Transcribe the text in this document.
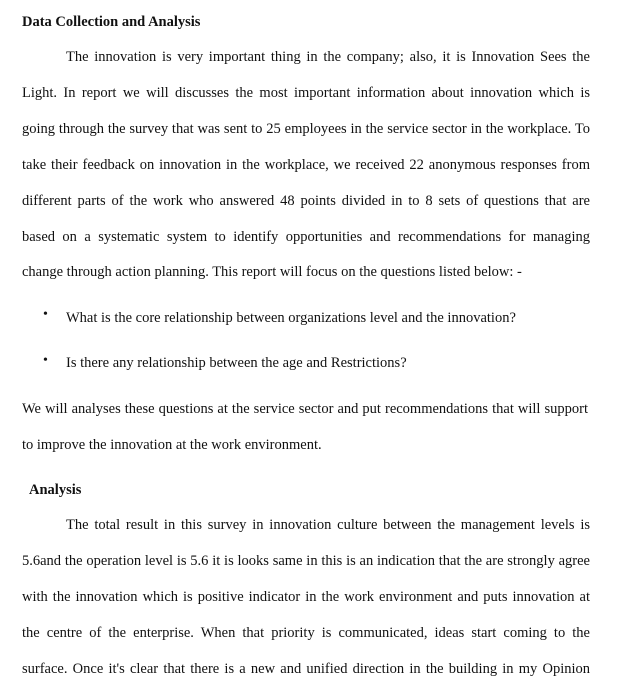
Data Collection and Analysis
The innovation is very important thing in the company; also, it is Innovation Sees the
Light. In report we will discusses the most important information about innovation which is
going through the survey that was sent to 25 employees in the service sector in the workplace. To
take their feedback on innovation in the workplace, we received 22 anonymous responses from
different parts of the work who answered 48 points divided in to 8 sets of questions that are
based on a systematic system to identify opportunities and recommendations for managing
change through action planning. This report will focus on the questions listed below: -
• What is the core relationship between organizations level and the innovation?
• Is there any relationship between the age and Restrictions?
We will analyses these questions at the service sector and put recommendations that will support
to improve the innovation at the work environment.
Analysis
The total result in this survey in innovation culture between the management levels is
5.6and the operation level is 5.6 it is looks same in this is an indication that the are strongly agree
with the innovation which is positive indicator in the work environment and puts innovation at
the centre of the enterprise. When that priority is communicated, ideas start coming to the
surface. Once it's clear that there is a new and unified direction in the building in my Opinion
